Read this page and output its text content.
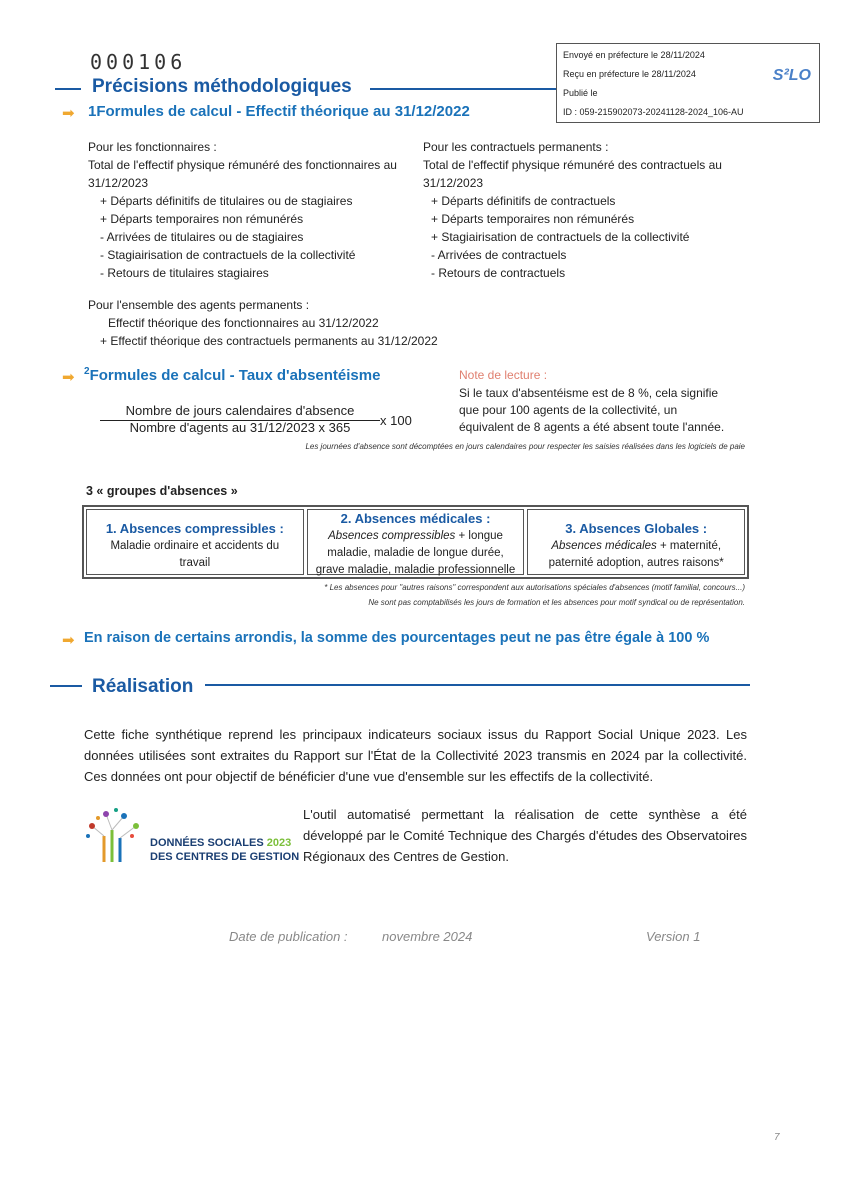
000106	Envoyé en préfecture le 28/11/2024
Reçu en préfecture le 28/11/2024
Publié le
ID : 059-215902073-20241128-2024_106-AU
S²LO
Précisions méthodologiques
➡ 1Formules de calcul - Effectif théorique au 31/12/2022
Pour les fonctionnaires :
Total de l'effectif physique rémunéré des fonctionnaires au
31/12/2023
+ Départs définitifs de titulaires ou de stagiaires
+ Départs temporaires non rémunérés
- Arrivées de titulaires ou de stagiaires
- Stagiairisation de contractuels de la collectivité
- Retours de titulaires stagiaires
Pour les contractuels permanents :
Total de l'effectif physique rémunéré des contractuels au
31/12/2023
+ Départs définitifs de contractuels
+ Départs temporaires non rémunérés
+ Stagiairisation de contractuels de la collectivité
- Arrivées de contractuels
- Retours de contractuels
Pour l'ensemble des agents permanents :
Effectif théorique des fonctionnaires au 31/12/2022
+ Effectif théorique des contractuels permanents au 31/12/2022
➡ $^2$Formules de calcul - Taux d'absentéisme
Nombre de jours calendaires d'absence
Nombre d'agents au 31/12/2023 x 365	x 100
Note de lecture :
Si le taux d'absentéisme est de 8 %, cela signifie
que pour 100 agents de la collectivité, un
équivalent de 8 agents a été absent toute l'année.
Les journées d'absence sont décomptées en jours calendaires pour respecter les saisies réalisées dans les logiciels de paie
3 « groupes d'absences »
1. Absences compressibles :
Maladie ordinaire et accidents du
travail
2. Absences médicales :
Absences compressibles + longue
maladie, maladie de longue durée,
grave maladie, maladie professionnelle
3. Absences Globales :
Absences médicales + maternité,
paternité adoption, autres raisons*
* Les absences pour "autres raisons" correspondent aux autorisations spéciales d'absences (motif familial, concours...)
Ne sont pas comptabilisés les jours de formation et les absences pour motif syndical ou de représentation.
➡ En raison de certains arrondis, la somme des pourcentages peut ne pas être égale à 100 %
Réalisation
Cette fiche synthétique reprend les principaux indicateurs sociaux issus du Rapport Social Unique 2023. Les données utilisées sont extraites du Rapport sur l'État de la Collectivité 2023 transmis en 2024 par la collectivité. Ces données ont pour objectif de bénéficier d'une vue d'ensemble sur les effectifs de la collectivité.
DONNÉES SOCIALES 2023
DES CENTRES DE GESTION
L'outil automatisé permettant la réalisation de cette synthèse a été développé par le Comité Technique des Chargés d'études des Observatoires Régionaux des Centres de Gestion.
Date de publication :	novembre 2024	Version 1
7
